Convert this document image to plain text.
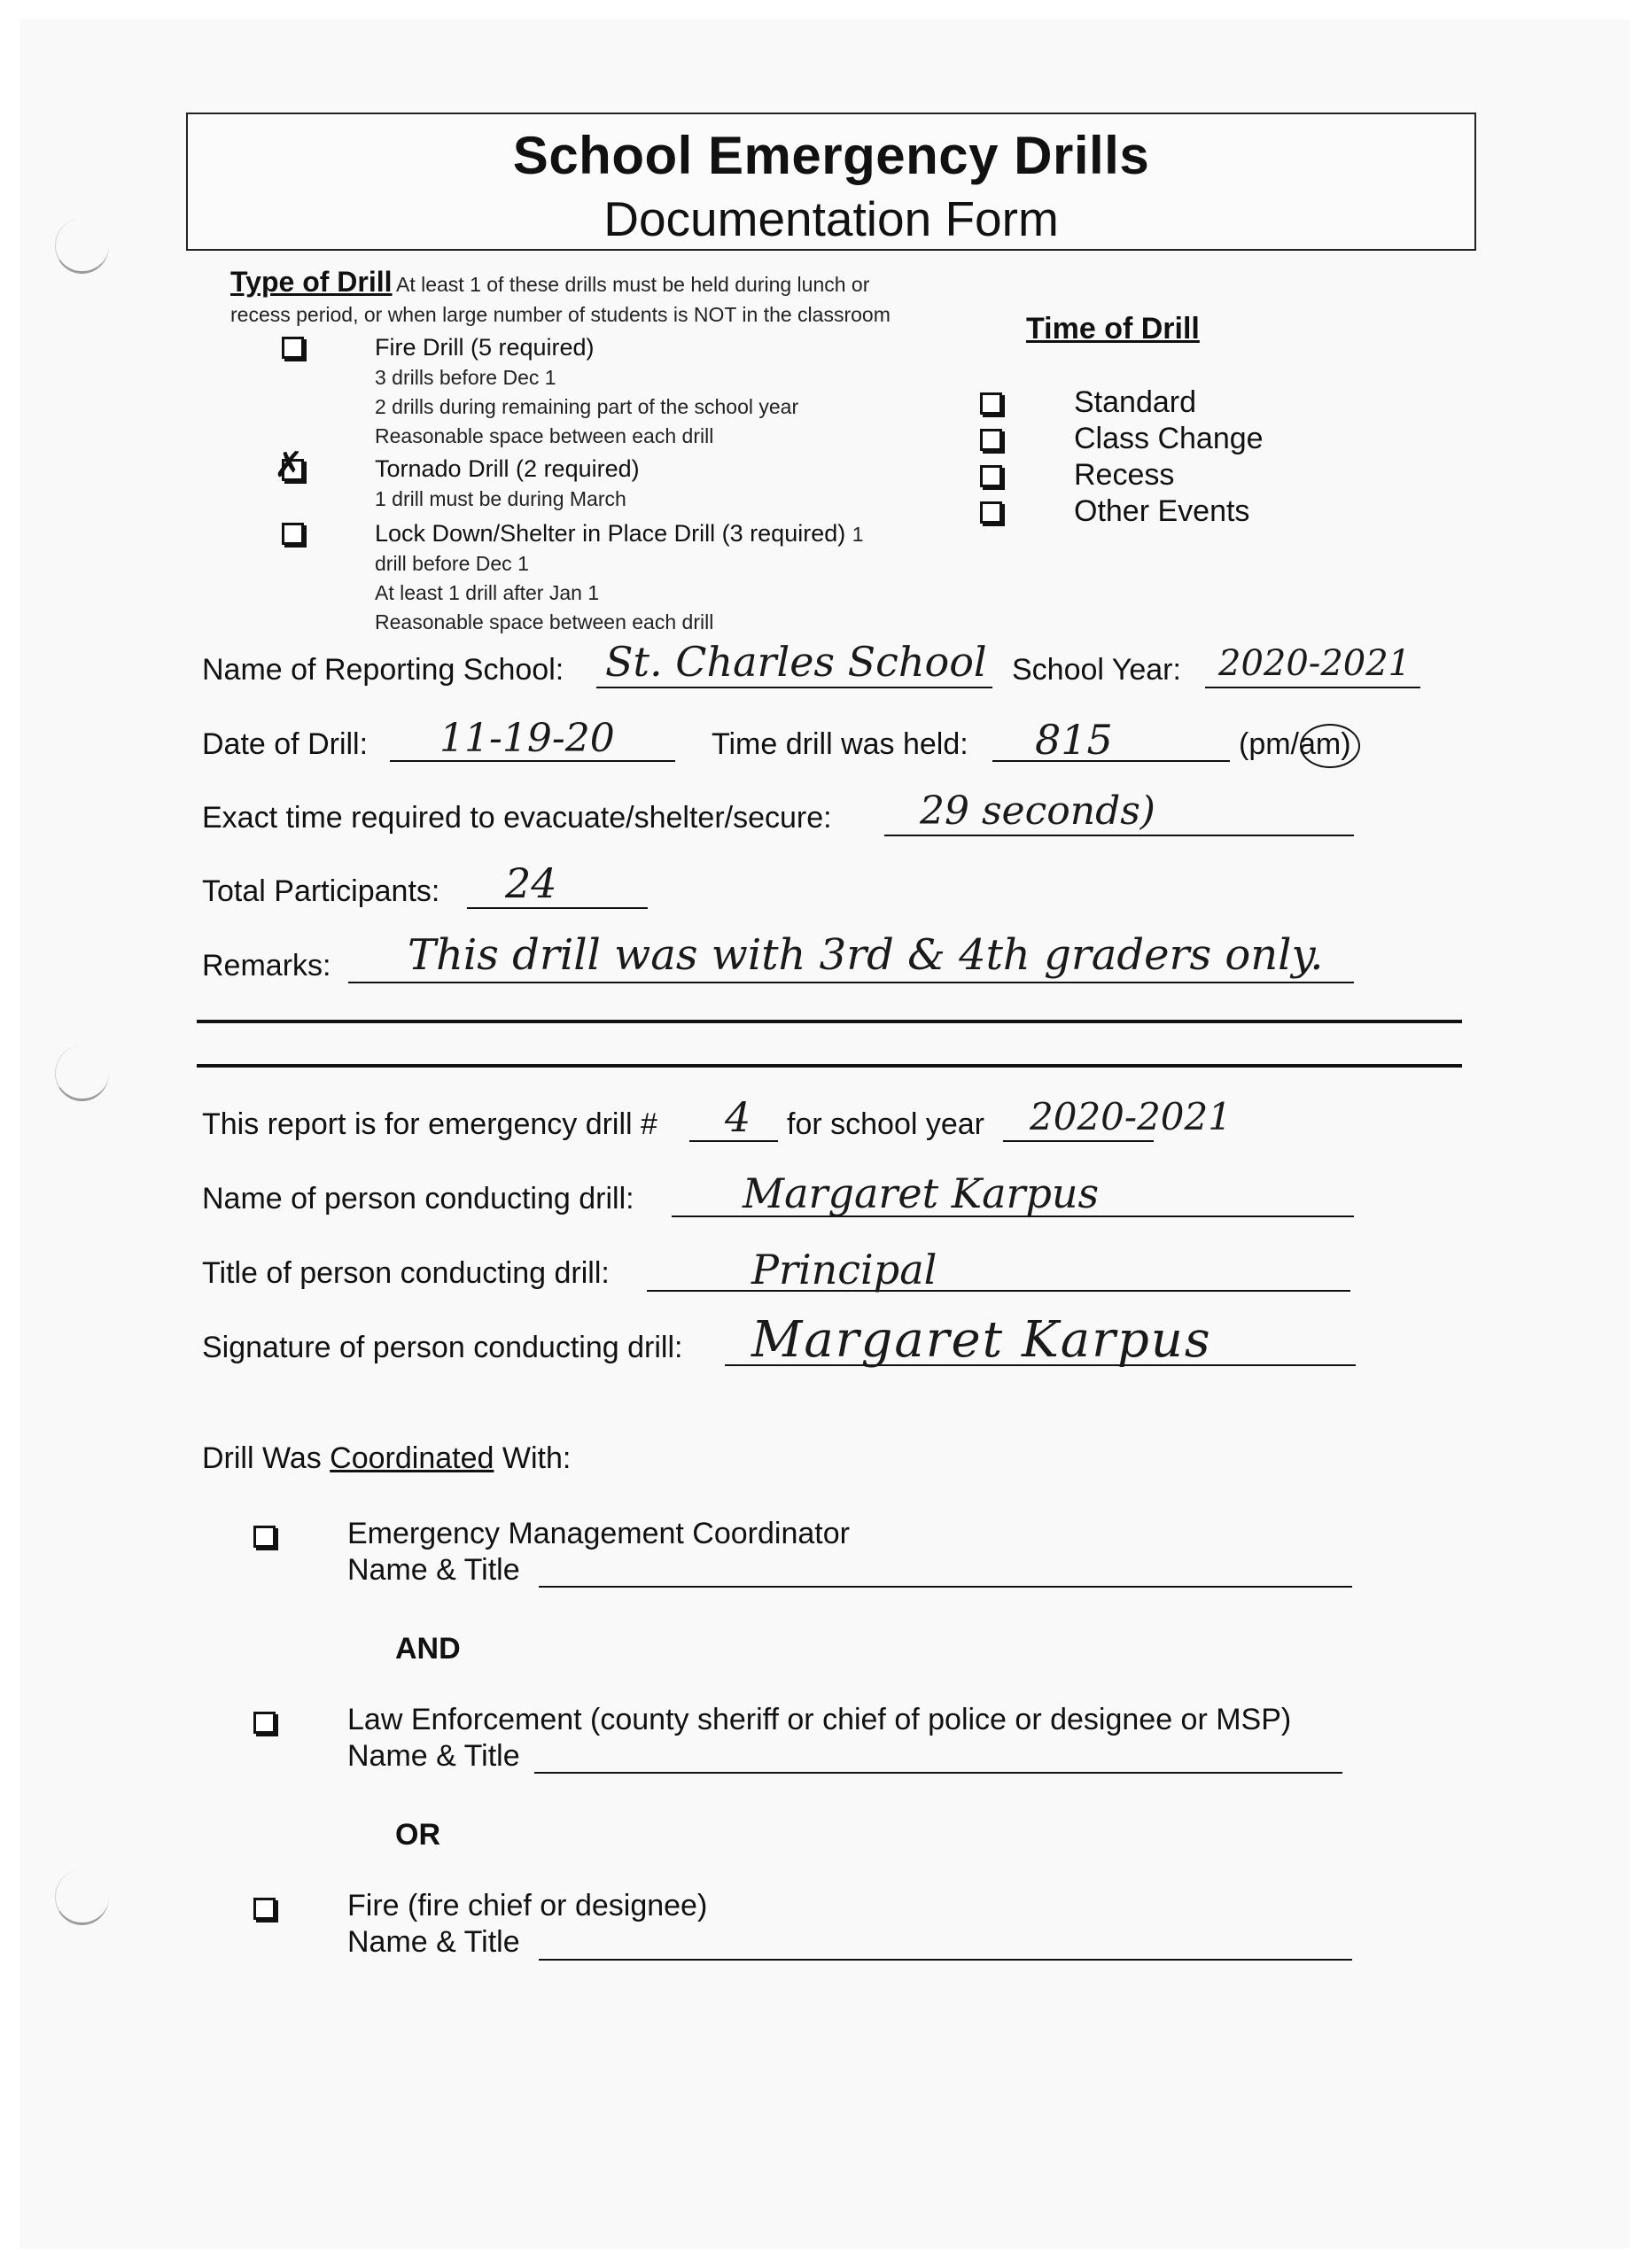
School Emergency Drills
Documentation Form
Type of Drill At least 1 of these drills must be held during lunch or
recess period, or when large number of students is NOT in the classroom
Fire Drill (5 required)
3 drills before Dec 1
2 drills during remaining part of the school year
Reasonable space between each drill
✗
Tornado Drill (2 required)
1 drill must be during March
Lock Down/Shelter in Place Drill (3 required) 1
drill before Dec 1
At least 1 drill after Jan 1
Reasonable space between each drill
Time of Drill
Standard
Class Change
Recess
Other Events
Name of Reporting School: St. Charles School School Year: 2020-2021
Date of Drill: 11-19-20	Time drill was held: 815	(pm/am)
Exact time required to evacuate/shelter/secure: 29 seconds)
Total Participants: 24
Remarks: This drill was with 3rd & 4th graders only.
This report is for emergency drill # 4 for school year 2020-2021
Name of person conducting drill:	Margaret Karpus
Title of person conducting drill:	Principal
Signature of person conducting drill: Margaret Karpus
Drill Was Coordinated With:
Emergency Management Coordinator
Name & Title
AND
Law Enforcement (county sheriff or chief of police or designee or MSP)
Name & Title
OR
Fire (fire chief or designee)
Name & Title
